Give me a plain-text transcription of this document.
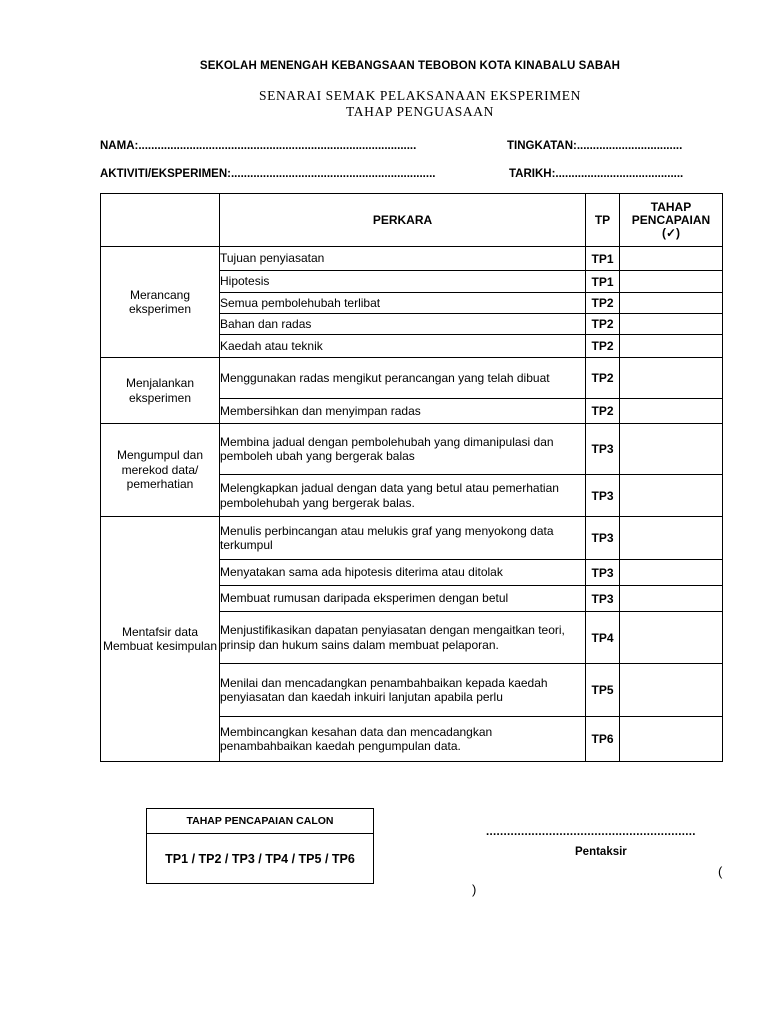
SEKOLAH MENENGAH KEBANGSAAN TEBOBON KOTA KINABALU SABAH
SENARAI SEMAK PELAKSANAAN EKSPERIMEN
TAHAP PENGUASAAN
NAMA:.......................................................................................	TINGKATAN:.................................
AKTIVITI/EKSPERIMEN:................................................................	TARIKH:........................................
	PERKARA	TP	TAHAP
PENCAPAIAN
(✓)

Merancang eksperimen	Tujuan penyiasatan	TP1	
	Hipotesis	TP1	
	Semua pembolehubah terlibat	TP2	
	Bahan dan radas	TP2	
	Kaedah atau teknik	TP2	
Menjalankan eksperimen	Menggunakan radas mengikut perancangan yang telah dibuat	TP2	
	Membersihkan dan menyimpan radas	TP2	
Mengumpul dan merekod data/ pemerhatian	Membina jadual dengan pembolehubah yang dimanipulasi dan pemboleh ubah yang bergerak balas	TP3	
	Melengkapkan jadual dengan data yang betul atau pemerhatian pembolehubah yang bergerak balas.	TP3	
Mentafsir data Membuat kesimpulan	Menulis perbincangan atau melukis graf yang menyokong data terkumpul	TP3	
	Menyatakan sama ada hipotesis diterima atau ditolak	TP3	
	Membuat rumusan daripada eksperimen dengan betul	TP3	
	Menjustifikasikan dapatan penyiasatan dengan mengaitkan teori, prinsip dan hukum sains dalam membuat pelaporan.	TP4	
	Menilai dan mencadangkan penambahbaikan kepada kaedah penyiasatan dan kaedah inkuiri lanjutan apabila perlu	TP5	
	Membincangkan kesahan data dan mencadangkan penambahbaikan kaedah pengumpulan data.	TP6	
TAHAP PENCAPAIAN CALON
TP1 / TP2 / TP3 / TP4 / TP5 / TP6
............................................................
Pentaksir
(
)
